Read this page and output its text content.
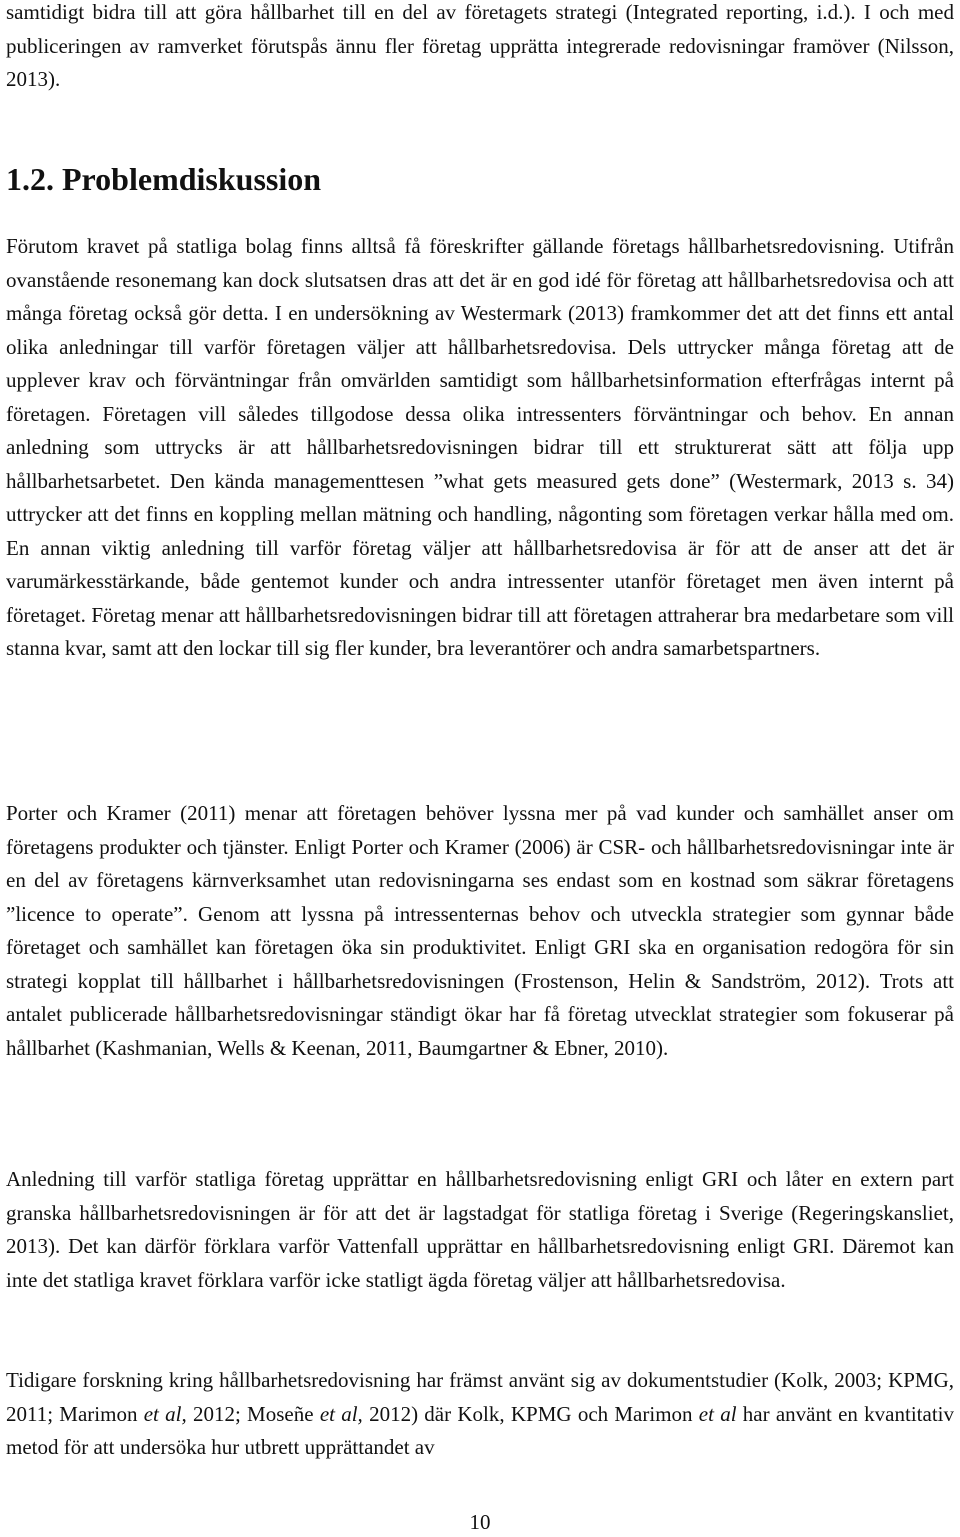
samtidigt bidra till att göra hållbarhet till en del av företagets strategi (Integrated reporting, i.d.). I och med publiceringen av ramverket förutspås ännu fler företag upprätta integrerade redovisningar framöver (Nilsson, 2013).

1.2. Problemdiskussion

Förutom kravet på statliga bolag finns alltså få föreskrifter gällande företags hållbarhetsredovisning. Utifrån ovanstående resonemang kan dock slutsatsen dras att det är en god idé för företag att hållbarhetsredovisa och att många företag också gör detta. I en undersökning av Westermark (2013) framkommer det att det finns ett antal olika anledningar till varför företagen väljer att hållbarhetsredovisa. Dels uttrycker många företag att de upplever krav och förväntningar från omvärlden samtidigt som hållbarhetsinformation efterfrågas internt på företagen. Företagen vill således tillgodose dessa olika intressenters förväntningar och behov. En annan anledning som uttrycks är att hållbarhetsredovisningen bidrar till ett strukturerat sätt att följa upp hållbarhetsarbetet. Den kända managementtesen ”what gets measured gets done” (Westermark, 2013 s. 34) uttrycker att det finns en koppling mellan mätning och handling, någonting som företagen verkar hålla med om. En annan viktig anledning till varför företag väljer att hållbarhetsredovisa är för att de anser att det är varumärkesstärkande, både gentemot kunder och andra intressenter utanför företaget men även internt på företaget. Företag menar att hållbarhetsredovisningen bidrar till att företagen attraherar bra medarbetare som vill stanna kvar, samt att den lockar till sig fler kunder, bra leverantörer och andra samarbetspartners.

Porter och Kramer (2011) menar att företagen behöver lyssna mer på vad kunder och samhället anser om företagens produkter och tjänster. Enligt Porter och Kramer (2006) är CSR- och hållbarhetsredovisningar inte är en del av företagens kärnverksamhet utan redovisningarna ses endast som en kostnad som säkrar företagens ”licence to operate”. Genom att lyssna på intressenternas behov och utveckla strategier som gynnar både företaget och samhället kan företagen öka sin produktivitet. Enligt GRI ska en organisation redogöra för sin strategi kopplat till hållbarhet i hållbarhetsredovisningen (Frostenson, Helin & Sandström, 2012). Trots att antalet publicerade hållbarhetsredovisningar ständigt ökar har få företag utvecklat strategier som fokuserar på hållbarhet (Kashmanian, Wells & Keenan, 2011, Baumgartner & Ebner, 2010).

Anledning till varför statliga företag upprättar en hållbarhetsredovisning enligt GRI och låter en extern part granska hållbarhetsredovisningen är för att det är lagstadgat för statliga företag i Sverige (Regeringskansliet, 2013). Det kan därför förklara varför Vattenfall upprättar en hållbarhetsredovisning enligt GRI. Däremot kan inte det statliga kravet förklara varför icke statligt ägda företag väljer att hållbarhetsredovisa.

Tidigare forskning kring hållbarhetsredovisning har främst använt sig av dokumentstudier (Kolk, 2003; KPMG, 2011; Marimon et al, 2012; Moseñe et al, 2012) där Kolk, KPMG och Marimon et al har använt en kvantitativ metod för att undersöka hur utbrett upprättandet av

10
